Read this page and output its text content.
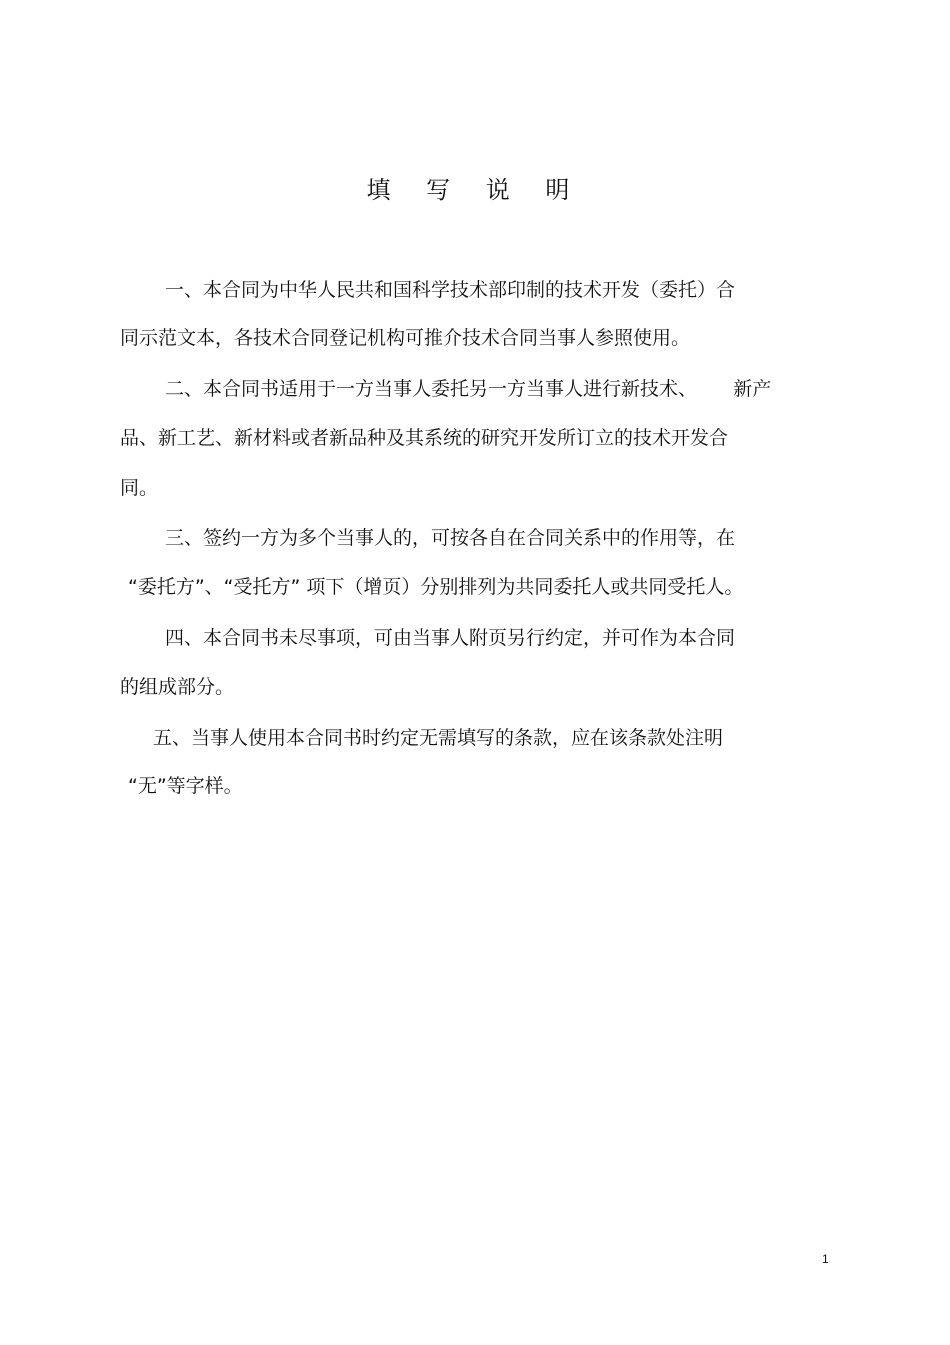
填 写 说 明
一、本合同为中华人民共和国科学技术部印制的技术开发（委托）合
同示范文本，各技术合同登记机构可推介技术合同当事人参照使用。
二、本合同书适用于一方当事人委托另一方当事人进行新技术、      新产
品、新工艺、新材料或者新品种及其系统的研究开发所订立的技术开发合
同。
三、签约一方为多个当事人的，可按各自在合同关系中的作用等，在
“委托方”、“受托方” 项下（增页）分别排列为共同委托人或共同受托人。
四、本合同书未尽事项，可由当事人附页另行约定，并可作为本合同
的组成部分。
五、当事人使用本合同书时约定无需填写的条款，应在该条款处注明
“无”等字样。
1
